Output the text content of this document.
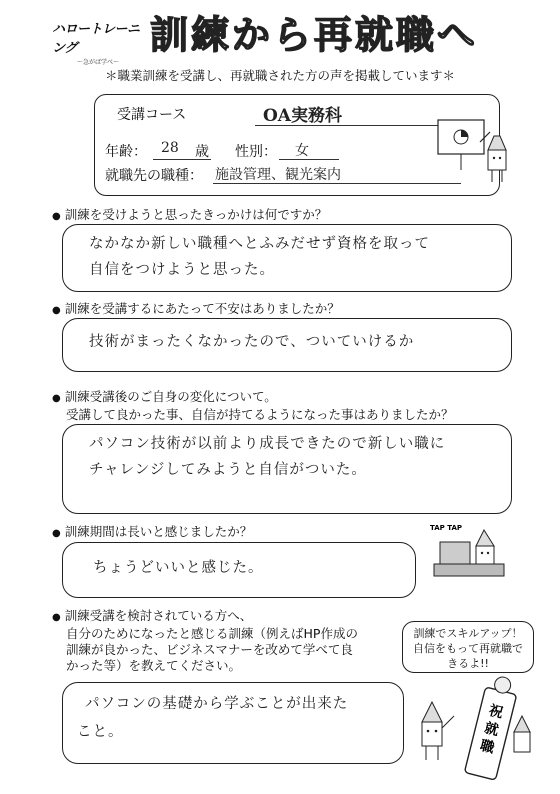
ハロートレーニング
～急がば学べ～
訓練から再就職へ
＊職業訓練を受講し、再就職された方の声を掲載しています＊
受講コース	OA実務科
年齢： 28 歳 性別： 女
就職先の職種： 施設管理、観光案内
● 訓練を受けようと思ったきっかけは何ですか？
なかなか新しい職種へとふみだせず資格を取って
自信をつけようと思った。
● 訓練を受講するにあたって不安はありましたか？
技術がまったくなかったので、ついていけるか
● 訓練受講後のご自身の変化について。
受講して良かった事、自信が持てるようになった事はありましたか？
パソコン技術が以前より成長できたので新しい職に
チャレンジしてみようと自信がついた。
● 訓練期間は長いと感じましたか？
ちょうどいいと感じた。
TAP TAP
● 訓練受講を検討されている方へ、
自分のためになったと感じる訓練（例えばHP作成の
訓練が良かった、ビジネスマナーを改めて学べて良
かった等）を教えてください。
パソコンの基礎から学ぶことが出来た
こと。
訓練でスキルアップ！
自信をもって再就職で
きるよ!!
祝就職
